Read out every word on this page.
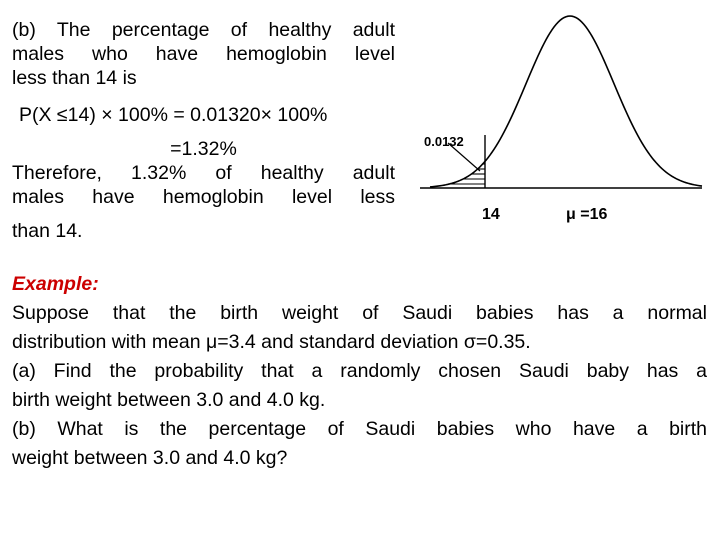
(b) The percentage of healthy adult
males who have hemoglobin level
less than 14 is
P(X ≤14) × 100% = 0.01320× 100%
=1.32%
Therefore, 1.32% of healthy adult
males have hemoglobin level less
than 14.
0.0132
14	μ =16
Example:
Suppose that the birth weight of Saudi babies has a normal
distribution with mean μ=3.4 and standard deviation σ=0.35.
(a) Find the probability that a randomly chosen Saudi baby has a
birth weight between 3.0 and 4.0 kg.
(b) What is the percentage of Saudi babies who have a birth
weight between 3.0 and 4.0 kg?
